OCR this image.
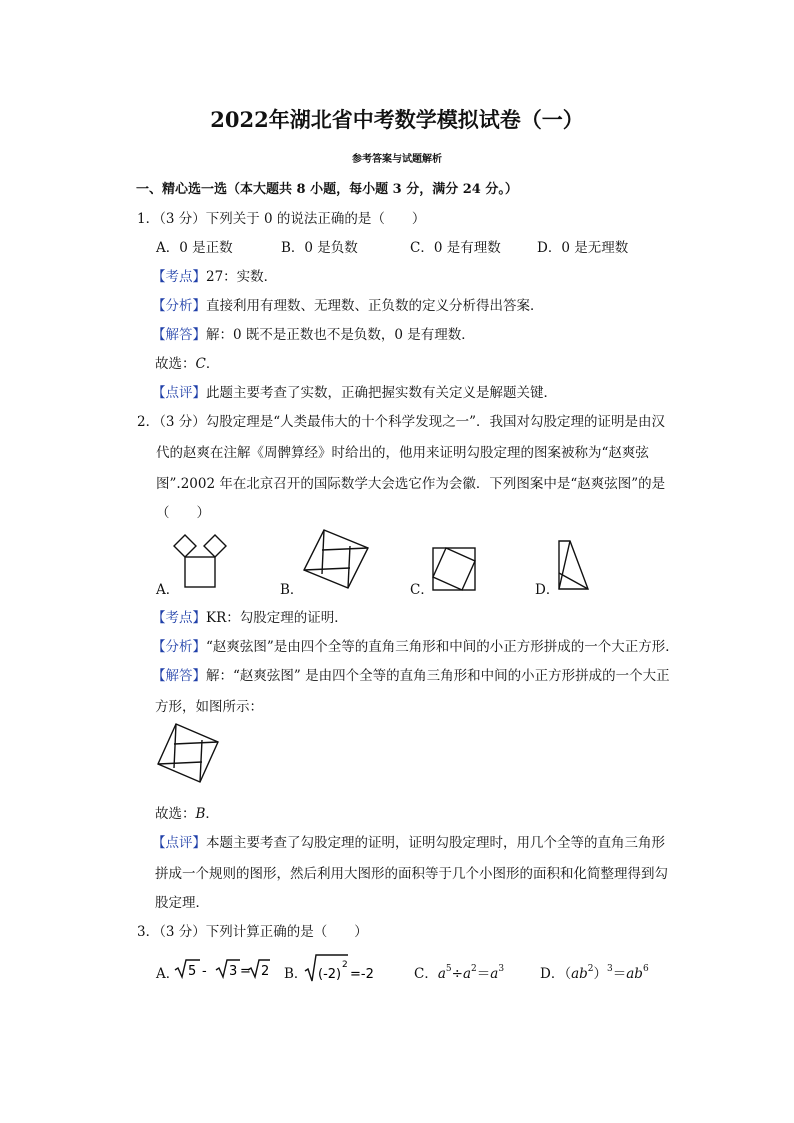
2022年湖北省中考数学模拟试卷（一）
参考答案与试题解析
一、精心选一选（本大题共 8 小题，每小题 3 分，满分 24 分。）
1．（3 分）下列关于 0 的说法正确的是（　　）
A．0 是正数	B．0 是负数	C．0 是有理数	D．0 是无理数
【考点】27：实数．
【分析】直接利用有理数、无理数、正负数的定义分析得出答案．
【解答】解：0 既不是正数也不是负数，0 是有理数．
故选：C．
【点评】此题主要考查了实数，正确把握实数有关定义是解题关键．
2．（3 分）勾股定理是“人类最伟大的十个科学发现之一”．我国对勾股定理的证明是由汉
代的赵爽在注解《周髀算经》时给出的，他用来证明勾股定理的图案被称为“赵爽弦
图”.2002 年在北京召开的国际数学大会选它作为会徽．下列图案中是“赵爽弦图”的是
（　　）
A．	B．	C．	D．
【考点】KR：勾股定理的证明．
【分析】“赵爽弦图”是由四个全等的直角三角形和中间的小正方形拼成的一个大正方形．
【解答】解：“赵爽弦图” 是由四个全等的直角三角形和中间的小正方形拼成的一个大正
方形，如图所示：
故选：B．
【点评】本题主要考查了勾股定理的证明，证明勾股定理时，用几个全等的直角三角形
拼成一个规则的图形，然后利用大图形的面积等于几个小图形的面积和化简整理得到勾
股定理．
3．（3 分）下列计算正确的是（　　）
A． 5 - 3 = 2 B． (-2)
2
=-2	C．$a^5\div a^2=a^3$	D．$(ab^2)^3=ab^6$
